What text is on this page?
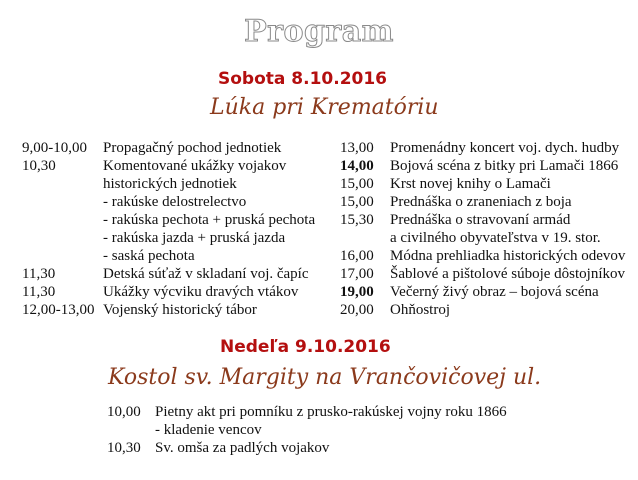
Program
Sobota 8.10.2016
Lúka pri Krematóriu
9,00-10,00 Propagačný pochod jednotiek
10,30	Komentované ukážky vojakov
historických jednotiek
- rakúske delostrelectvo
- rakúska pechota + pruská pechota
- rakúska jazda + pruská jazda
- saská pechota
11,30	Detská súťaž v skladaní voj. čapíc
11,30	Ukážky výcviku dravých vtákov
12,00-13,00 Vojenský historický tábor
13,00 Promenádny koncert voj. dych. hudby
14,00 Bojová scéna z bitky pri Lamači 1866
15,00 Krst novej knihy o Lamači
15,00 Prednáška o zraneniach z boja
15,30 Prednáška o stravovaní armád
a civilného obyvateľstva v 19. stor.
16,00 Módna prehliadka historických odevov
17,00 Šablové a pištolové súboje dôstojníkov
19,00 Večerný živý obraz – bojová scéna
20,00 Ohňostroj
Nedeľa 9.10.2016
Kostol sv. Margity na Vrančovičovej ul.
10,00 Pietny akt pri pomníku z prusko-rakúskej vojny roku 1866
- kladenie vencov
10,30 Sv. omša za padlých vojakov
